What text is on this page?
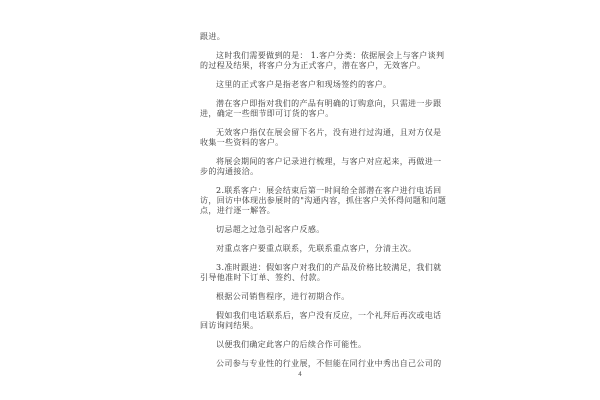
跟进。

这时我们需要做到的是： 1.客户分类：依据展会上与客户谈判

的过程及结果，将客户分为正式客户，潜在客户，无效客户。

这里的正式客户是指老客户和现场签约的客户。

潜在客户即指对我们的产品有明确的订购意向，只需进一步跟

进，确定一些细节即可订货的客户。

无效客户指仅在展会留下名片，没有进行过沟通，且对方仅是

收集一些资料的客户。

将展会期间的客户记录进行梳理，与客户对应起来，再做进一

步的沟通接洽。

2.联系客户：展会结束后第一时间给全部潜在客户进行电话回

访，回访中体现出参展时的"沟通内容，抓住客户关怀得问题和问题

点，进行逐一解答。

切忌超之过急引起客户反感。

对重点客户要重点联系，先联系重点客户，分清主次。

3.准时跟进：假如客户对我们的产品及价格比较满足，我们就

引导他准时下订单、签约、付款。

根据公司销售程序，进行初期合作。

假如我们电话联系后，客户没有反应，一个礼拜后再次或电话

回访询问结果。

以便我们确定此客户的后续合作可能性。

公司参与专业性的行业展，不但能在同行业中秀出自己公司的

4
